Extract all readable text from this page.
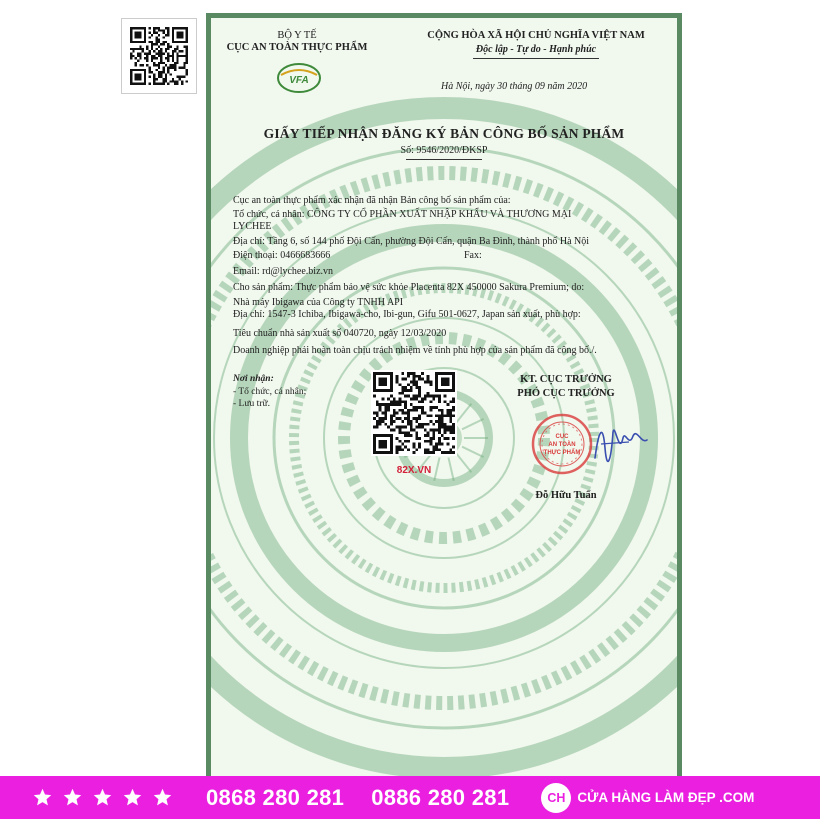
BỘ Y TẾ
CỤC AN TOÀN THỰC PHẨM
VFA
CỘNG HÒA XÃ HỘI CHỦ NGHĨA VIỆT NAM
Độc lập - Tự do - Hạnh phúc
Hà Nội, ngày 30 tháng 09 năm 2020
GIẤY TIẾP NHẬN ĐĂNG KÝ BẢN CÔNG BỐ SẢN PHẨM
Số: 9546/2020/ĐKSP
Cục an toàn thực phẩm xác nhận đã nhận Bản công bố sản phẩm của:
Tổ chức, cá nhân: CÔNG TY CỔ PHẦN XUẤT NHẬP KHẨU VÀ THƯƠNG MẠI
LYCHEE
Địa chỉ: Tầng 6, số 144 phố Đội Cấn, phường Đội Cấn, quận Ba Đình, thành phố Hà Nội
Điện thoại: 0466683666	Fax:
Email: rd@lychee.biz.vn
Cho sản phẩm: Thực phẩm bảo vệ sức khỏe Placenta 82X 450000 Sakura Premium; do:
Nhà máy Ibigawa của Công ty TNHH API
Địa chỉ: 1547-3 Ichiba, Ibigawa-cho, Ibi-gun, Gifu 501-0627, Japan sản xuất, phù hợp:
Tiêu chuẩn nhà sản xuất số 040720, ngày 12/03/2020
Doanh nghiệp phải hoàn toàn chịu trách nhiệm về tính phù hợp của sản phẩm đã công bố./.
Nơi nhận:
- Tổ chức, cá nhân;
- Lưu trữ.
82X.VN
KT. CỤC TRƯỞNG
PHÓ CỤC TRƯỞNG
CỤC
AN TOÀN
THỰC PHẨM
Đỗ Hữu Tuấn
0868 280 281 0886 280 281	CH CỬA HÀNG LÀM ĐẸP .COM
